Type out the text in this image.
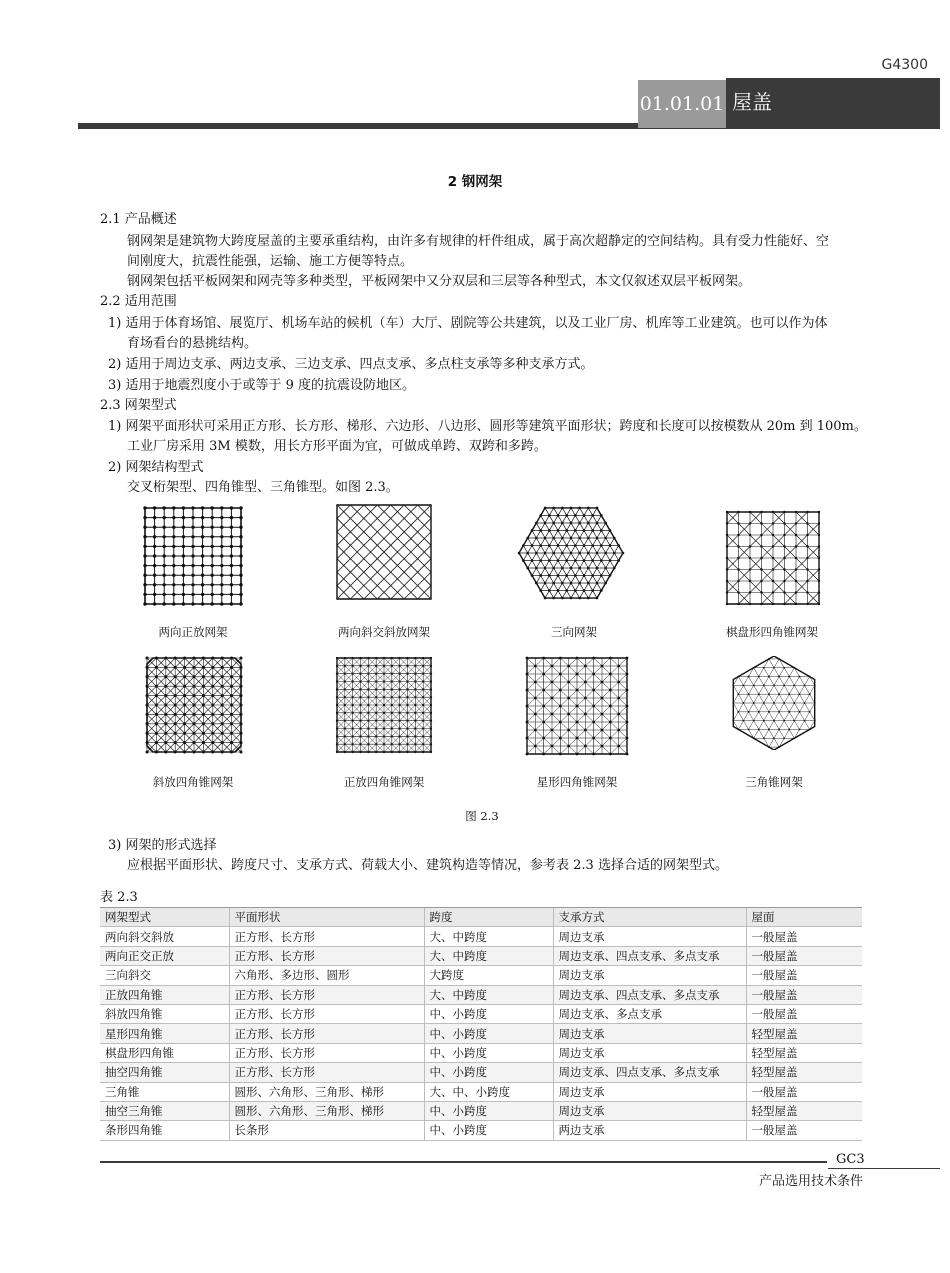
G4300
01.01.01 屋盖
2 钢网架
2.1 产品概述
钢网架是建筑物大跨度屋盖的主要承重结构，由许多有规律的杆件组成，属于高次超静定的空间结构。具有受力性能好、空
间刚度大，抗震性能强，运输、施工方便等特点。
钢网架包括平板网架和网壳等多种类型，平板网架中又分双层和三层等各种型式，本文仅叙述双层平板网架。
2.2 适用范围
1) 适用于体育场馆、展览厅、机场车站的候机（车）大厅、剧院等公共建筑，以及工业厂房、机库等工业建筑。也可以作为体
育场看台的悬挑结构。
2) 适用于周边支承、两边支承、三边支承、四点支承、多点柱支承等多种支承方式。
3) 适用于地震烈度小于或等于 9 度的抗震设防地区。
2.3 网架型式
1) 网架平面形状可采用正方形、长方形、梯形、六边形、八边形、圆形等建筑平面形状；跨度和长度可以按模数从 20m 到 100m。
工业厂房采用 3M 模数，用长方形平面为宜，可做成单跨、双跨和多跨。
2) 网架结构型式
交叉桁架型、四角锥型、三角锥型。如图 2.3。
两向正放网架	两向斜交斜放网架	三向网架	棋盘形四角锥网架
斜放四角锥网架	正放四角锥网架	星形四角锥网架	三角锥网架
图 2.3
3) 网架的形式选择
应根据平面形状、跨度尺寸、支承方式、荷载大小、建筑构造等情况，参考表 2.3 选择合适的网架型式。
表 2.3
网架型式	平面形状	跨度	支承方式	屋面
两向斜交斜放	正方形、长方形	大、中跨度	周边支承	一般屋盖
两向正交正放	正方形、长方形	大、中跨度	周边支承、四点支承、多点支承	一般屋盖
三向斜交	六角形、多边形、圆形	大跨度	周边支承	一般屋盖
正放四角锥	正方形、长方形	大、中跨度	周边支承、四点支承、多点支承	一般屋盖
斜放四角锥	正方形、长方形	中、小跨度	周边支承、多点支承	一般屋盖
星形四角锥	正方形、长方形	中、小跨度	周边支承	轻型屋盖
棋盘形四角锥	正方形、长方形	中、小跨度	周边支承	轻型屋盖
抽空四角锥	正方形、长方形	中、小跨度	周边支承、四点支承、多点支承	轻型屋盖
三角锥	圆形、六角形、三角形、梯形	大、中、小跨度	周边支承	一般屋盖
抽空三角锥	圆形、六角形、三角形、梯形	中、小跨度	周边支承	轻型屋盖
条形四角锥	长条形	中、小跨度	两边支承	一般屋盖
GC3
产品选用技术条件
